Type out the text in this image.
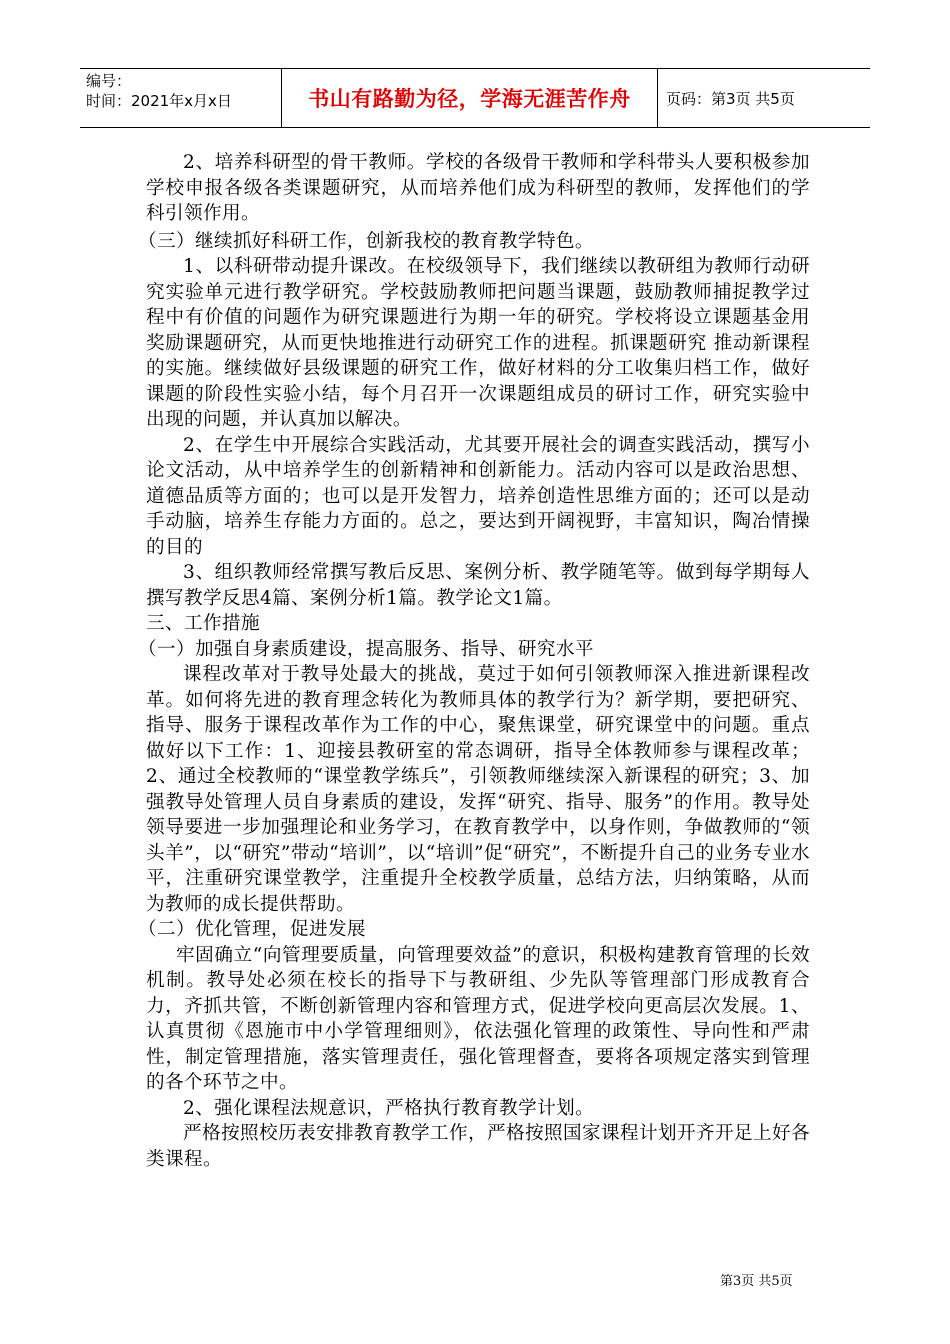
编号：
时间：2021年x月x日	书山有路勤为径，学海无涯苦作舟	页码：第3页 共5页

2、培养科研型的骨干教师。学校的各级骨干教师和学科带头人要积极参加学校申报各级各类课题研究，从而培养他们成为科研型的教师，发挥他们的学科引领作用。

（三）继续抓好科研工作，创新我校的教育教学特色。

1、以科研带动提升课改。在校级领导下，我们继续以教研组为教师行动研究实验单元进行教学研究。学校鼓励教师把问题当课题，鼓励教师捕捉教学过程中有价值的问题作为研究课题进行为期一年的研究。学校将设立课题基金用奖励课题研究，从而更快地推进行动研究工作的进程。抓课题研究 推动新课程的实施。继续做好县级课题的研究工作，做好材料的分工收集归档工作，做好课题的阶段性实验小结，每个月召开一次课题组成员的研讨工作，研究实验中出现的问题，并认真加以解决。

2、在学生中开展综合实践活动，尤其要开展社会的调查实践活动，撰写小论文活动，从中培养学生的创新精神和创新能力。活动内容可以是政治思想、道德品质等方面的；也可以是开发智力，培养创造性思维方面的；还可以是动手动脑，培养生存能力方面的。总之，要达到开阔视野，丰富知识，陶冶情操的目的

3、组织教师经常撰写教后反思、案例分析、教学随笔等。做到每学期每人撰写教学反思4篇、案例分析1篇。教学论文1篇。

三、工作措施

（一）加强自身素质建设，提高服务、指导、研究水平

课程改革对于教导处最大的挑战，莫过于如何引领教师深入推进新课程改革。如何将先进的教育理念转化为教师具体的教学行为？新学期，要把研究、指导、服务于课程改革作为工作的中心，聚焦课堂，研究课堂中的问题。重点做好以下工作：1、迎接县教研室的常态调研，指导全体教师参与课程改革；2、通过全校教师的“课堂教学练兵”，引领教师继续深入新课程的研究；3、加强教导处管理人员自身素质的建设，发挥“研究、指导、服务”的作用。教导处领导要进一步加强理论和业务学习，在教育教学中，以身作则，争做教师的“领头羊”，以“研究”带动“培训”，以“培训”促“研究”，不断提升自己的业务专业水平，注重研究课堂教学，注重提升全校教学质量，总结方法，归纳策略，从而为教师的成长提供帮助。

（二）优化管理，促进发展

牢固确立“向管理要质量，向管理要效益”的意识，积极构建教育管理的长效机制。教导处必须在校长的指导下与教研组、少先队等管理部门形成教育合力，齐抓共管，不断创新管理内容和管理方式，促进学校向更高层次发展。1、认真贯彻《恩施市中小学管理细则》，依法强化管理的政策性、导向性和严肃性，制定管理措施，落实管理责任，强化管理督查，要将各项规定落实到管理的各个环节之中。

2、强化课程法规意识，严格执行教育教学计划。

严格按照校历表安排教育教学工作，严格按照国家课程计划开齐开足上好各类课程。

第3页 共5页
